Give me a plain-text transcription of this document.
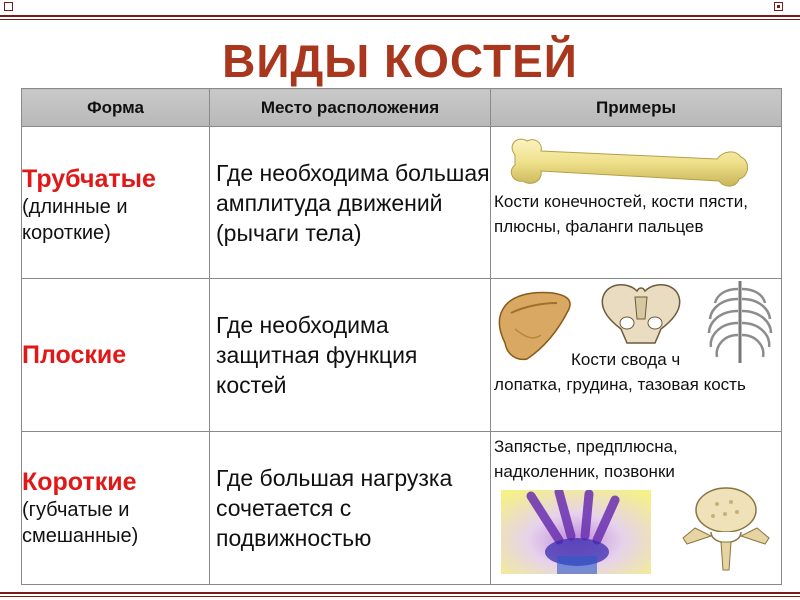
ВИДЫ КОСТЕЙ
Форма	Место расположения	Примеры

Трубчатые
(длинные и короткие)	Где необходима большая амплитуда движений (рычаги тела)	Кости конечностей, кости пясти, плюсны, фаланги пальцев

Плоские	Где необходима защитная функция костей	Кости свода ч
лопатка, грудина, тазовая кость

Короткие
(губчатые и смешанные)	Где большая нагрузка сочетается с подвижностью	Запястье, предплюсна, надколенник, позвонки
